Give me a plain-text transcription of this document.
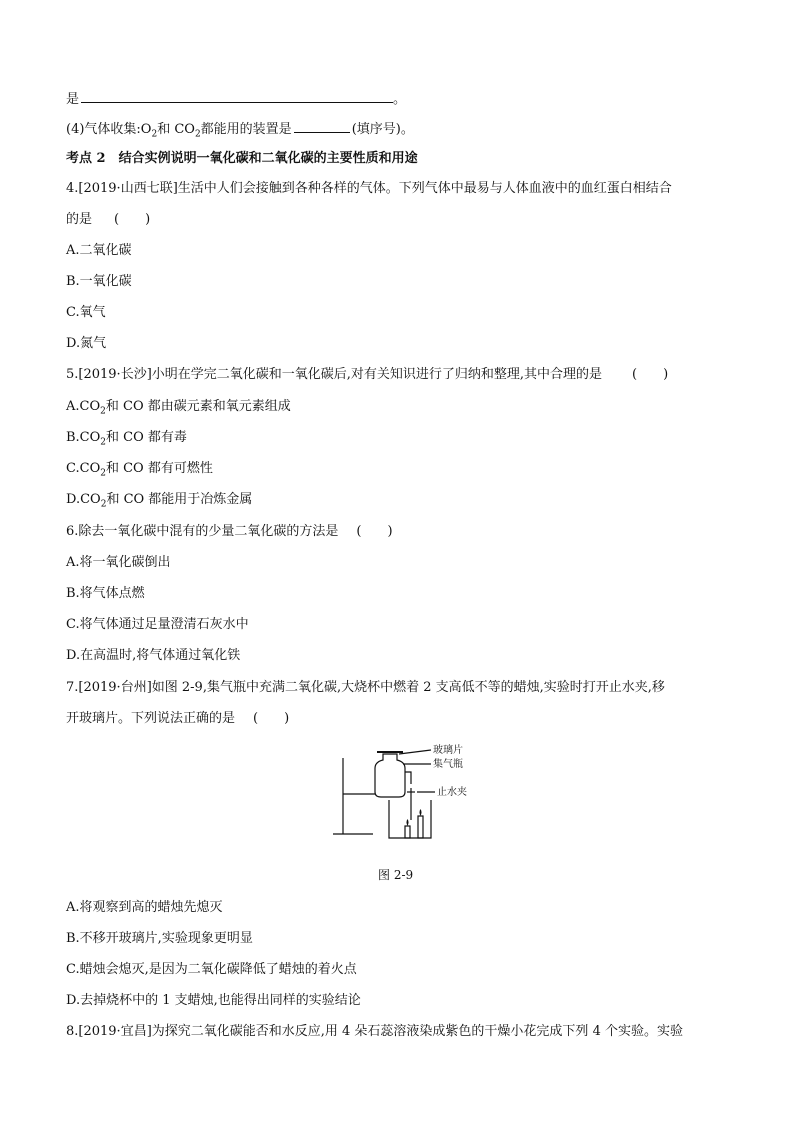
是	。
(4)气体收集$:O_2$和 $CO_2$都能用的装置是	(填序号)。
考点 2　结合实例说明一氧化碳和二氧化碳的主要性质和用途
4.[2019·山西七联]生活中人们会接触到各种各样的气体。下列气体中最易与人体血液中的血红蛋白相结合
的是 (　　)
A.二氧化碳
B.一氧化碳
C.氧气
D.氮气
5.[2019·长沙]小明在学完二氧化碳和一氧化碳后,对有关知识进行了归纳和整理,其中合理的是 (　　)
$A.CO_2$和 CO 都由碳元素和氧元素组成
$B.CO_2$和 CO 都有毒
$C.CO_2$和 CO 都有可燃性
$D.CO_2$和 CO 都能用于冶炼金属
6.除去一氧化碳中混有的少量二氧化碳的方法是 (　　)
A.将一氧化碳倒出
B.将气体点燃
C.将气体通过足量澄清石灰水中
D.在高温时,将气体通过氧化铁
7.[2019·台州]如图 2-9,集气瓶中充满二氧化碳,大烧杯中燃着 2 支高低不等的蜡烛,实验时打开止水夹,移
开玻璃片。下列说法正确的是 (　　)
玻璃片
集气瓶
止水夹
图 2-9
A.将观察到高的蜡烛先熄灭
B.不移开玻璃片,实验现象更明显
C.蜡烛会熄灭,是因为二氧化碳降低了蜡烛的着火点
D.去掉烧杯中的 1 支蜡烛,也能得出同样的实验结论
8.[2019·宜昌]为探究二氧化碳能否和水反应,用 4 朵石蕊溶液染成紫色的干燥小花完成下列 4 个实验。实验
